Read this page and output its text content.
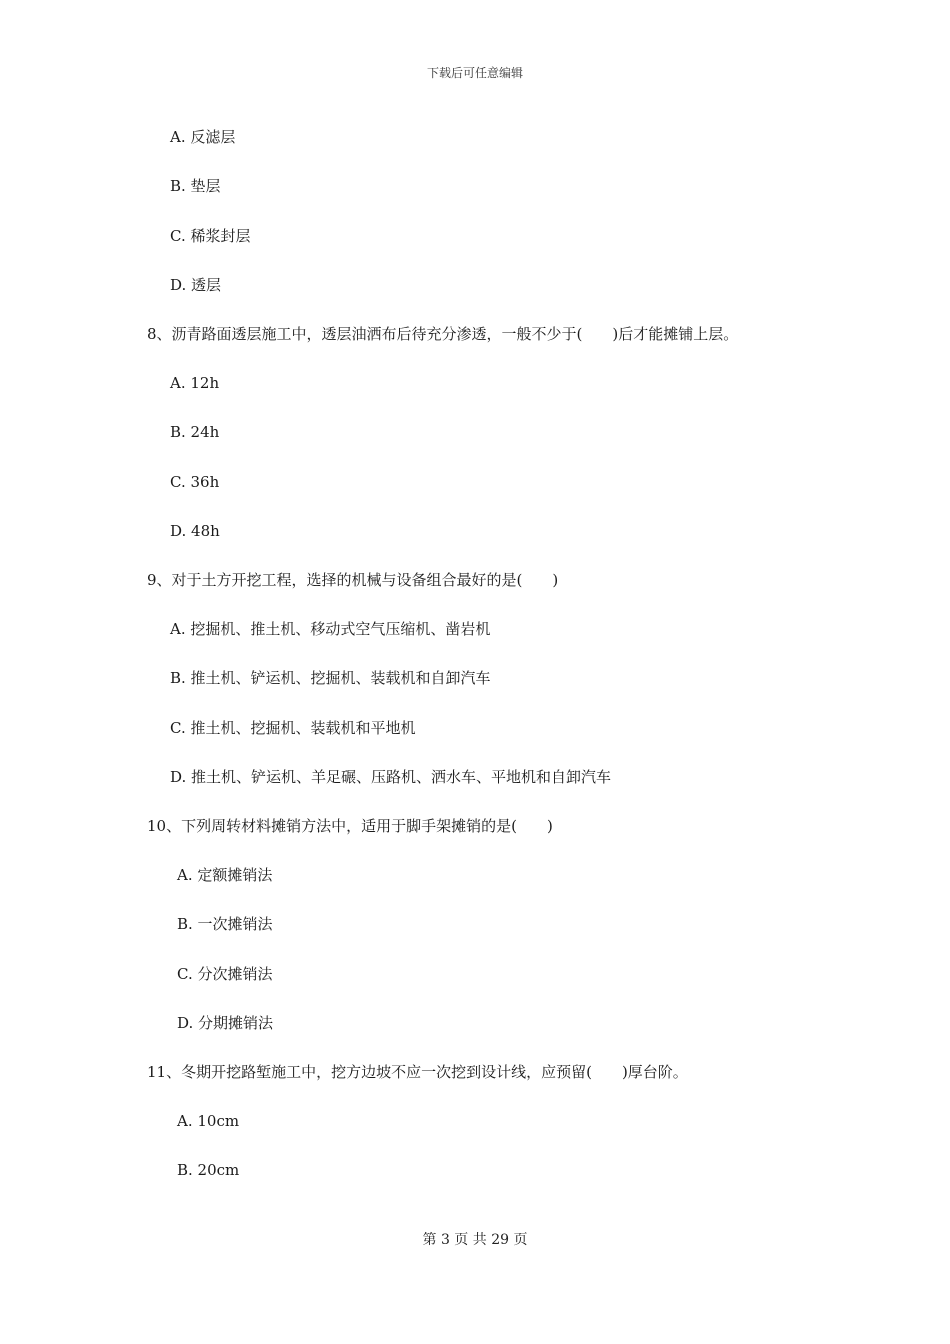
下载后可任意编辑
A. 反滤层
B. 垫层
C. 稀浆封层
D. 透层
8、沥青路面透层施工中，透层油洒布后待充分渗透，一般不少于(　　)后才能摊铺上层。
A. 12h
B. 24h
C. 36h
D. 48h
9、对于土方开挖工程，选择的机械与设备组合最好的是(　　)
A. 挖掘机、推土机、移动式空气压缩机、凿岩机
B. 推土机、铲运机、挖掘机、装载机和自卸汽车
C. 推土机、挖掘机、装载机和平地机
D. 推土机、铲运机、羊足碾、压路机、洒水车、平地机和自卸汽车
10、下列周转材料摊销方法中，适用于脚手架摊销的是(　　)
A. 定额摊销法
B. 一次摊销法
C. 分次摊销法
D. 分期摊销法
11、冬期开挖路堑施工中，挖方边坡不应一次挖到设计线，应预留(　　)厚台阶。
A. 10cm
B. 20cm
第 3 页 共 29 页
